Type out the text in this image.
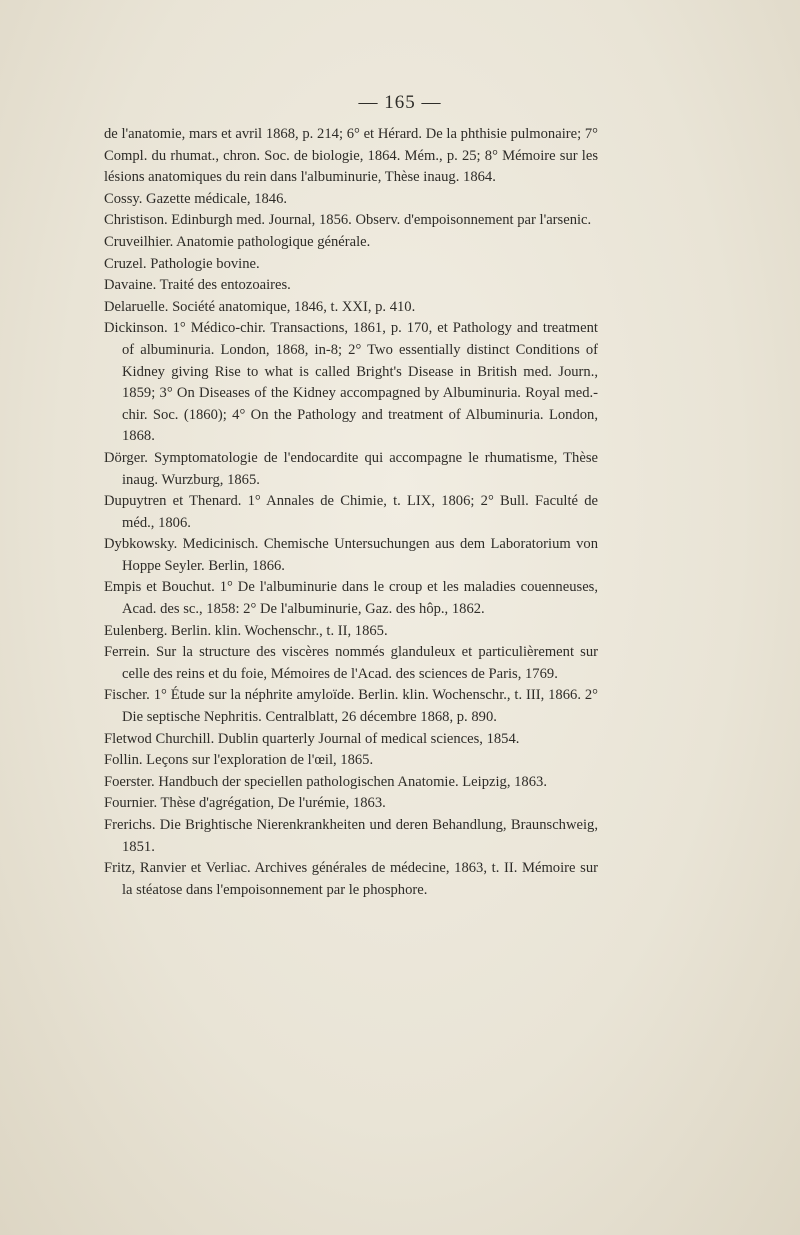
— 165 —

de l'anatomie, mars et avril 1868, p. 214; 6° et Hérard. De la phthisie pulmonaire; 7° Compl. du rhumat., chron. Soc. de biologie, 1864. Mém., p. 25; 8° Mémoire sur les lésions anatomiques du rein dans l'albuminurie, Thèse inaug. 1864.

Cossy. Gazette médicale, 1846.

Christison. Edinburgh med. Journal, 1856. Observ. d'empoisonnement par l'arsenic.

Cruveilhier. Anatomie pathologique générale.

Cruzel. Pathologie bovine.

Davaine. Traité des entozoaires.

Delaruelle. Société anatomique, 1846, t. XXI, p. 410.

Dickinson. 1° Médico-chir. Transactions, 1861, p. 170, et Pathology and treatment of albuminuria. London, 1868, in-8; 2° Two essentially distinct Conditions of Kidney giving Rise to what is called Bright's Disease in British med. Journ., 1859; 3° On Diseases of the Kidney accompagned by Albuminuria. Royal med.-chir. Soc. (1860); 4° On the Pathology and treatment of Albuminuria. London, 1868.

Dörger. Symptomatologie de l'endocardite qui accompagne le rhumatisme, Thèse inaug. Wurzburg, 1865.

Dupuytren et Thenard. 1° Annales de Chimie, t. LIX, 1806; 2° Bull. Faculté de méd., 1806.

Dybkowsky. Medicinisch. Chemische Untersuchungen aus dem Laboratorium von Hoppe Seyler. Berlin, 1866.

Empis et Bouchut. 1° De l'albuminurie dans le croup et les maladies couenneuses, Acad. des sc., 1858: 2° De l'albuminurie, Gaz. des hôp., 1862.

Eulenberg. Berlin. klin. Wochenschr., t. II, 1865.

Ferrein. Sur la structure des viscères nommés glanduleux et particulièrement sur celle des reins et du foie, Mémoires de l'Acad. des sciences de Paris, 1769.

Fischer. 1° Étude sur la néphrite amyloïde. Berlin. klin. Wochenschr., t. III, 1866. 2° Die septische Nephritis. Centralblatt, 26 décembre 1868, p. 890.

Fletwod Churchill. Dublin quarterly Journal of medical sciences, 1854.

Follin. Leçons sur l'exploration de l'œil, 1865.

Foerster. Handbuch der speciellen pathologischen Anatomie. Leipzig, 1863.

Fournier. Thèse d'agrégation, De l'urémie, 1863.

Frerichs. Die Brightische Nierenkrankheiten und deren Behandlung, Braunschweig, 1851.

Fritz, Ranvier et Verliac. Archives générales de médecine, 1863, t. II. Mémoire sur la stéatose dans l'empoisonnement par le phosphore.
